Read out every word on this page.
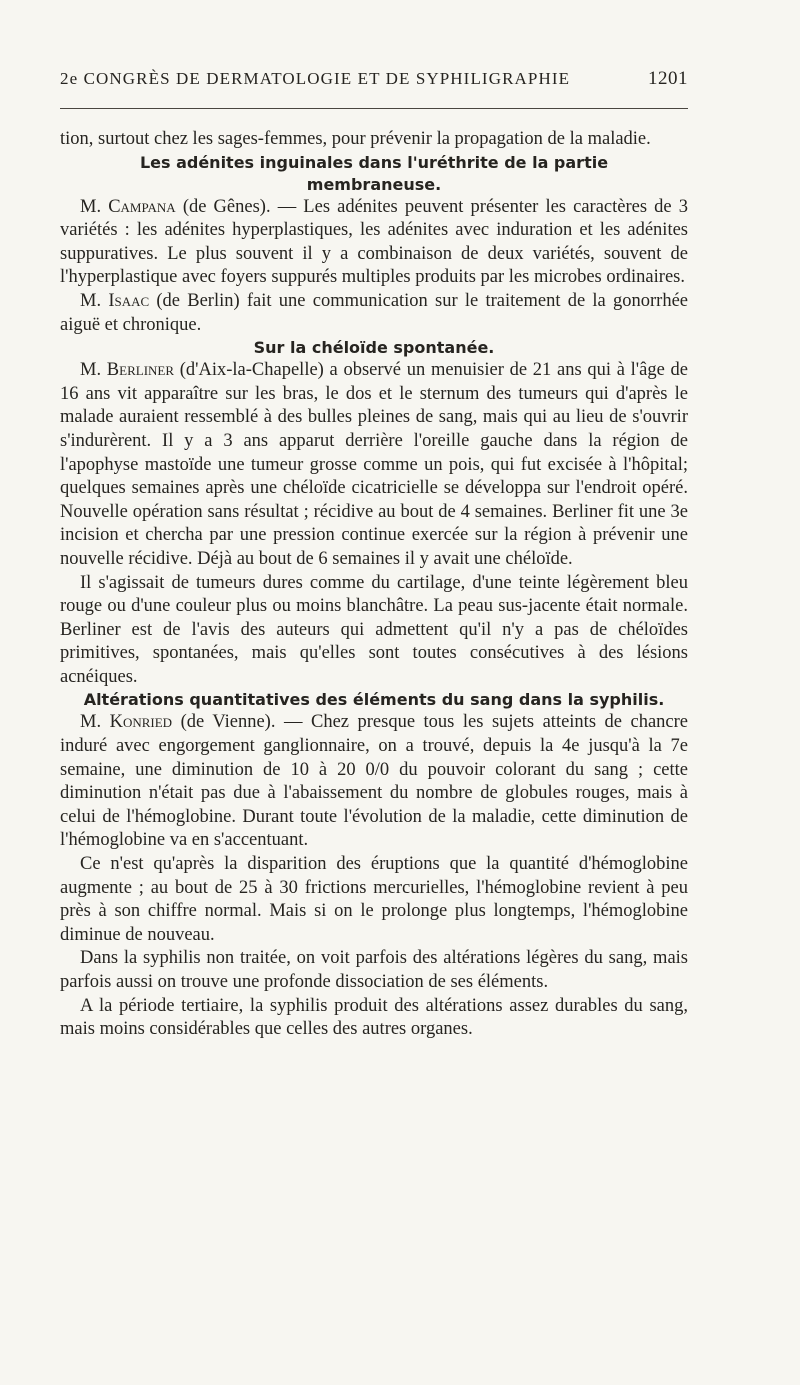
2e CONGRÈS DE DERMATOLOGIE ET DE SYPHILIGRAPHIE	1201

tion, surtout chez les sages-femmes, pour prévenir la propagation de la maladie.

Les adénites inguinales dans l'uréthrite de la partie membraneuse.

M. Campana (de Gênes). — Les adénites peuvent présenter les caractères de 3 variétés : les adénites hyperplastiques, les adénites avec induration et les adénites suppuratives. Le plus souvent il y a combinaison de deux variétés, souvent de l'hyperplastique avec foyers suppurés multiples produits par les microbes ordinaires.

M. Isaac (de Berlin) fait une communication sur le traitement de la gonorrhée aiguë et chronique.

Sur la chéloïde spontanée.

M. Berliner (d'Aix-la-Chapelle) a observé un menuisier de 21 ans qui à l'âge de 16 ans vit apparaître sur les bras, le dos et le sternum des tumeurs qui d'après le malade auraient ressemblé à des bulles pleines de sang, mais qui au lieu de s'ouvrir s'indurèrent. Il y a 3 ans apparut derrière l'oreille gauche dans la région de l'apophyse mastoïde une tumeur grosse comme un pois, qui fut excisée à l'hôpital; quelques semaines après une chéloïde cicatricielle se développa sur l'endroit opéré. Nouvelle opération sans résultat ; récidive au bout de 4 semaines. Berliner fit une 3e incision et chercha par une pression continue exercée sur la région à prévenir une nouvelle récidive. Déjà au bout de 6 semaines il y avait une chéloïde.

Il s'agissait de tumeurs dures comme du cartilage, d'une teinte légèrement bleu rouge ou d'une couleur plus ou moins blanchâtre. La peau sus-jacente était normale. Berliner est de l'avis des auteurs qui admettent qu'il n'y a pas de chéloïdes primitives, spontanées, mais qu'elles sont toutes consécutives à des lésions acnéiques.

Altérations quantitatives des éléments du sang dans la syphilis.

M. Konried (de Vienne). — Chez presque tous les sujets atteints de chancre induré avec engorgement ganglionnaire, on a trouvé, depuis la 4e jusqu'à la 7e semaine, une diminution de 10 à 20 0/0 du pouvoir colorant du sang ; cette diminution n'était pas due à l'abaissement du nombre de globules rouges, mais à celui de l'hémoglobine. Durant toute l'évolution de la maladie, cette diminution de l'hémoglobine va en s'accentuant.

Ce n'est qu'après la disparition des éruptions que la quantité d'hémoglobine augmente ; au bout de 25 à 30 frictions mercurielles, l'hémoglobine revient à peu près à son chiffre normal. Mais si on le prolonge plus longtemps, l'hémoglobine diminue de nouveau.

Dans la syphilis non traitée, on voit parfois des altérations légères du sang, mais parfois aussi on trouve une profonde dissociation de ses éléments.

A la période tertiaire, la syphilis produit des altérations assez durables du sang, mais moins considérables que celles des autres organes.
